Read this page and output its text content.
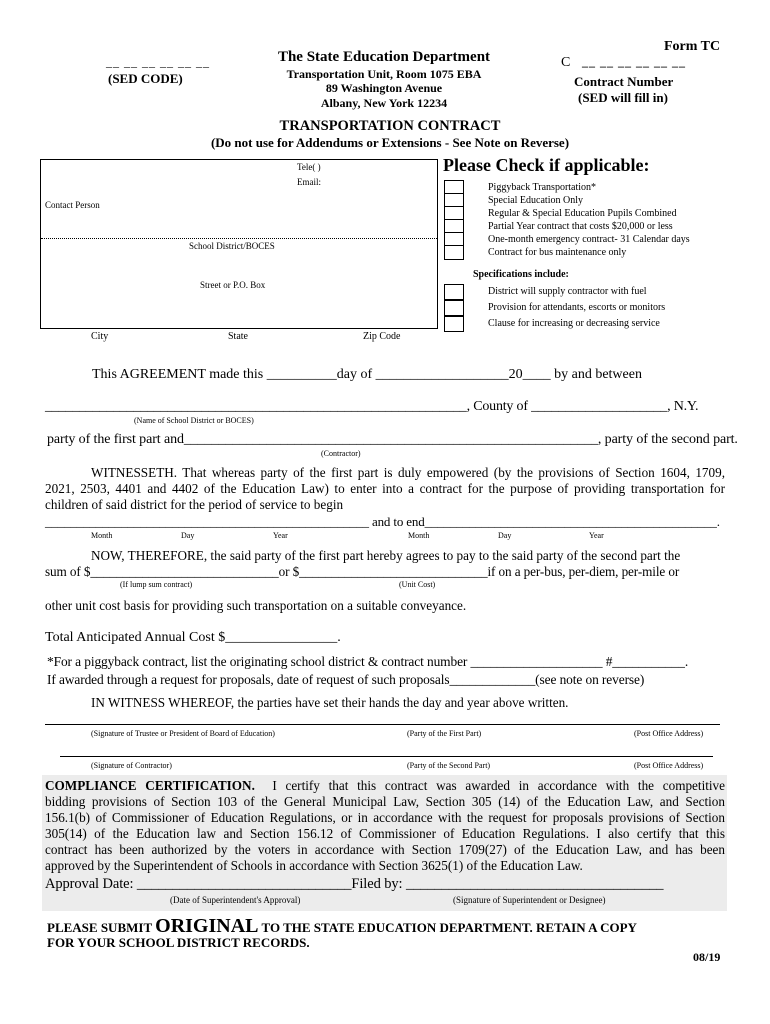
Form TC
__ __ __ __ __ __
(SED CODE)
The State Education Department
Transportation Unit, Room 1075 EBA
89 Washington Avenue
Albany, New York 12234
C __ __ __ __ __ __
Contract Number
(SED will fill in)
TRANSPORTATION CONTRACT
(Do not use for Addendums or Extensions - See Note on Reverse)
Tele( )
Email:
Contact Person
School District/BOCES
Street or P.O. Box
City	State	Zip Code
Please Check if applicable:
Piggyback Transportation*
Special Education Only
Regular & Special Education Pupils Combined
Partial Year contract that costs $20,000 or less
One-month emergency contract- 31 Calendar days
Contract for bus maintenance only
Specifications include:
District will supply contractor with fuel
Provision for attendants, escorts or monitors
Clause for increasing or decreasing service
This AGREEMENT made this __________day of ___________________20____ by and between
______________________________________________________________, County of ____________________, N.Y.
(Name of School District or BOCES)
party of the first part and____________________________________________________________, party of the second part.
(Contractor)
WITNESSETH. That whereas party of the first part is duly empowered (by the provisions of Section 1604, 1709,
2021, 2503, 4401 and 4402 of the Education Law) to enter into a contract for the purpose of providing transportation for
children of said district for the period of service to begin
___________________________________________________ and to end______________________________________________.
Month	Day	Year	Month	Day	Year
NOW, THEREFORE, the said party of the first part hereby agrees to pay to the said party of the second part the
sum of $_____________________________or $_____________________________if on a per-bus, per-diem, per-mile or
(If lump sum contract)	(Unit Cost)
other unit cost basis for providing such transportation on a suitable conveyance.
Total Anticipated Annual Cost $________________.
*For a piggyback contract, list the originating school district & contract number ____________________ #___________.
If awarded through a request for proposals, date of request of such proposals_____________(see note on reverse)
IN WITNESS WHEREOF, the parties have set their hands the day and year above written.
(Signature of Trustee or President of Board of Education)	(Party of the First Part)	(Post Office Address)
(Signature of Contractor)	(Party of the Second Part)	(Post Office Address)
COMPLIANCE CERTIFICATION. I certify that this contract was awarded in accordance with the competitive
bidding provisions of Section 103 of the General Municipal Law, Section 305 (14) of the Education Law, and Section
156.1(b) of Commissioner of Education Regulations, or in accordance with the request for proposals provisions of Section
305(14) of the Education law and Section 156.12 of Commissioner of Education Regulations. I also certify that this
contract has been authorized by the voters in accordance with Section 1709(27) of the Education Law, and has been
approved by the Superintendent of Schools in accordance with Section 3625(1) of the Education Law.
Approval Date: ______________________________Filed by: ____________________________________
(Date of Superintendent's Approval)	(Signature of Superintendent or Designee)
PLEASE SUBMIT ORIGINAL TO THE STATE EDUCATION DEPARTMENT. RETAIN A COPY
FOR YOUR SCHOOL DISTRICT RECORDS.
08/19
